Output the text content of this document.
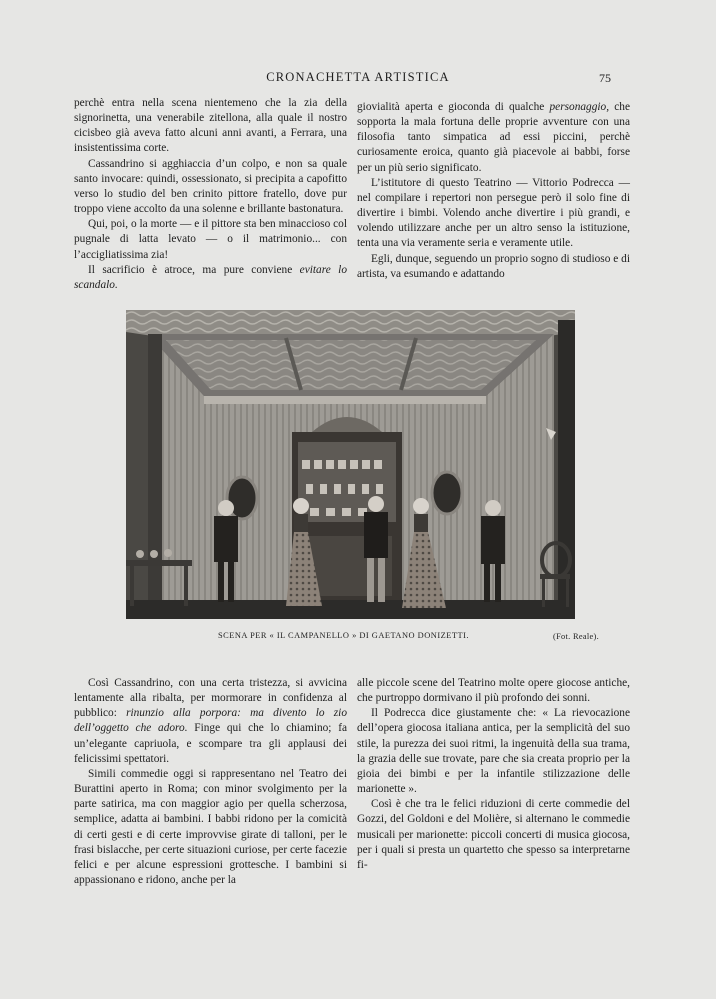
CRONACHETTA ARTISTICA	75

perchè entra nella scena nientemeno che la zia della signorinetta, una venerabile zitellona, alla quale il nostro cicisbeo già aveva fatto alcuni anni avanti, a Ferrara, una insistentissima corte.

Cassandrino si agghiaccia d’un colpo, e non sa quale santo invocare: quindi, ossessionato, si precipita a capofitto verso lo studio del ben crinito pittore fratello, dove pur troppo viene accolto da una solenne e brillante bastonatura.

Qui, poi, o la morte — e il pittore sta ben minaccioso col pugnale di latta levato — o il matrimonio... con l’accigliatissima zia!

Il sacrificio è atroce, ma pure conviene evitare lo scandalo.

giovialità aperta e gioconda di qualche personaggio, che sopporta la mala fortuna delle proprie avventure con una filosofia tanto simpatica ad essi piccini, perchè curiosamente eroica, quanto già piacevole ai babbi, forse per un più serio significato.

L’istitutore di questo Teatrino — Vittorio Podrecca — nel compilare i repertori non persegue però il solo fine di divertire i bimbi. Volendo anche divertire i più grandi, e volendo utilizzare anche per un altro senso la istituzione, tenta una via veramente seria e veramente utile.

Egli, dunque, seguendo un proprio sogno di studioso e di artista, va esumando e adattando

SCENA PER « IL CAMPANELLO » DI GAETANO DONIZETTI.	(Fot. Reale).

Così Cassandrino, con una certa tristezza, si avvicina lentamente alla ribalta, per mormorare in confidenza al pubblico: rinunzio alla porpora: ma divento lo zio dell’oggetto che adoro. Finge qui che lo chiamino; fa un’elegante capriuola, e scompare tra gli applausi dei felicissimi spettatori.

Simili commedie oggi si rappresentano nel Teatro dei Burattini aperto in Roma; con minor svolgimento per la parte satirica, ma con maggior agio per quella scherzosa, semplice, adatta ai bambini. I babbi ridono per la comicità di certi gesti e di certe improvvise girate di talloni, per le frasi bislacche, per certe situazioni curiose, per certe facezie felici e per alcune espressioni grottesche. I bambini si appassionano e ridono, anche per la

alle piccole scene del Teatrino molte opere giocose antiche, che purtroppo dormivano il più profondo dei sonni.

Il Podrecca dice giustamente che: « La rievocazione dell’opera giocosa italiana antica, per la semplicità del suo stile, la purezza dei suoi ritmi, la ingenuità della sua trama, la grazia delle sue trovate, pare che sia creata proprio per la gioia dei bimbi e per la infantile stilizzazione delle marionette ».

Così è che tra le felici riduzioni di certe commedie del Gozzi, del Goldoni e del Molière, si alternano le commedie musicali per marionette: piccoli concerti di musica giocosa, per i quali si presta un quartetto che spesso sa interpretarne fi-
